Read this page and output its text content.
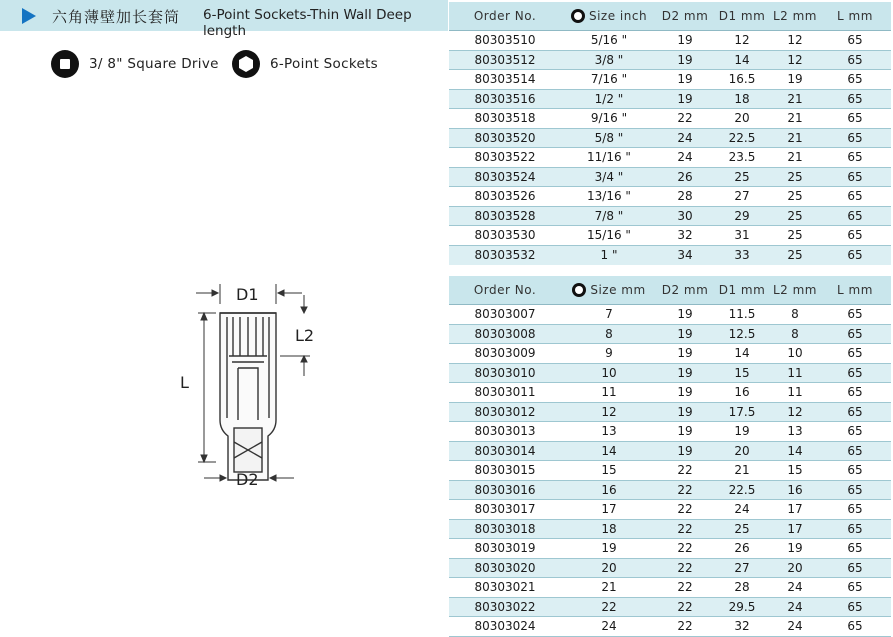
六角薄壁加长套筒 6-Point Sockets-Thin Wall Deep length
3/ 8" Square Drive	6-Point Sockets
D1
L
L2
D2
Order No.	Size inch	D2 mm D1 mm L2 mm	L mm
80303510	5/16 "	19	12	12	65
80303512	3/8 "	19	14	12	65
80303514	7/16 "	19	16.5	19	65
80303516	1/2 "	19	18	21	65
80303518	9/16 "	22	20	21	65
80303520	5/8 "	24	22.5	21	65
80303522	11/16 "	24	23.5	21	65
80303524	3/4 "	26	25	25	65
80303526	13/16 "	28	27	25	65
80303528	7/8 "	30	29	25	65
80303530	15/16 "	32	31	25	65
80303532	1 "	34	33	25	65
Order No.	Size mm	D2 mm D1 mm L2 mm	L mm
80303007	7	19	11.5	8	65
80303008	8	19	12.5	8	65
80303009	9	19	14	10	65
80303010	10	19	15	11	65
80303011	11	19	16	11	65
80303012	12	19	17.5	12	65
80303013	13	19	19	13	65
80303014	14	19	20	14	65
80303015	15	22	21	15	65
80303016	16	22	22.5	16	65
80303017	17	22	24	17	65
80303018	18	22	25	17	65
80303019	19	22	26	19	65
80303020	20	22	27	20	65
80303021	21	22	28	24	65
80303022	22	22	29.5	24	65
80303024	24	22	32	24	65
